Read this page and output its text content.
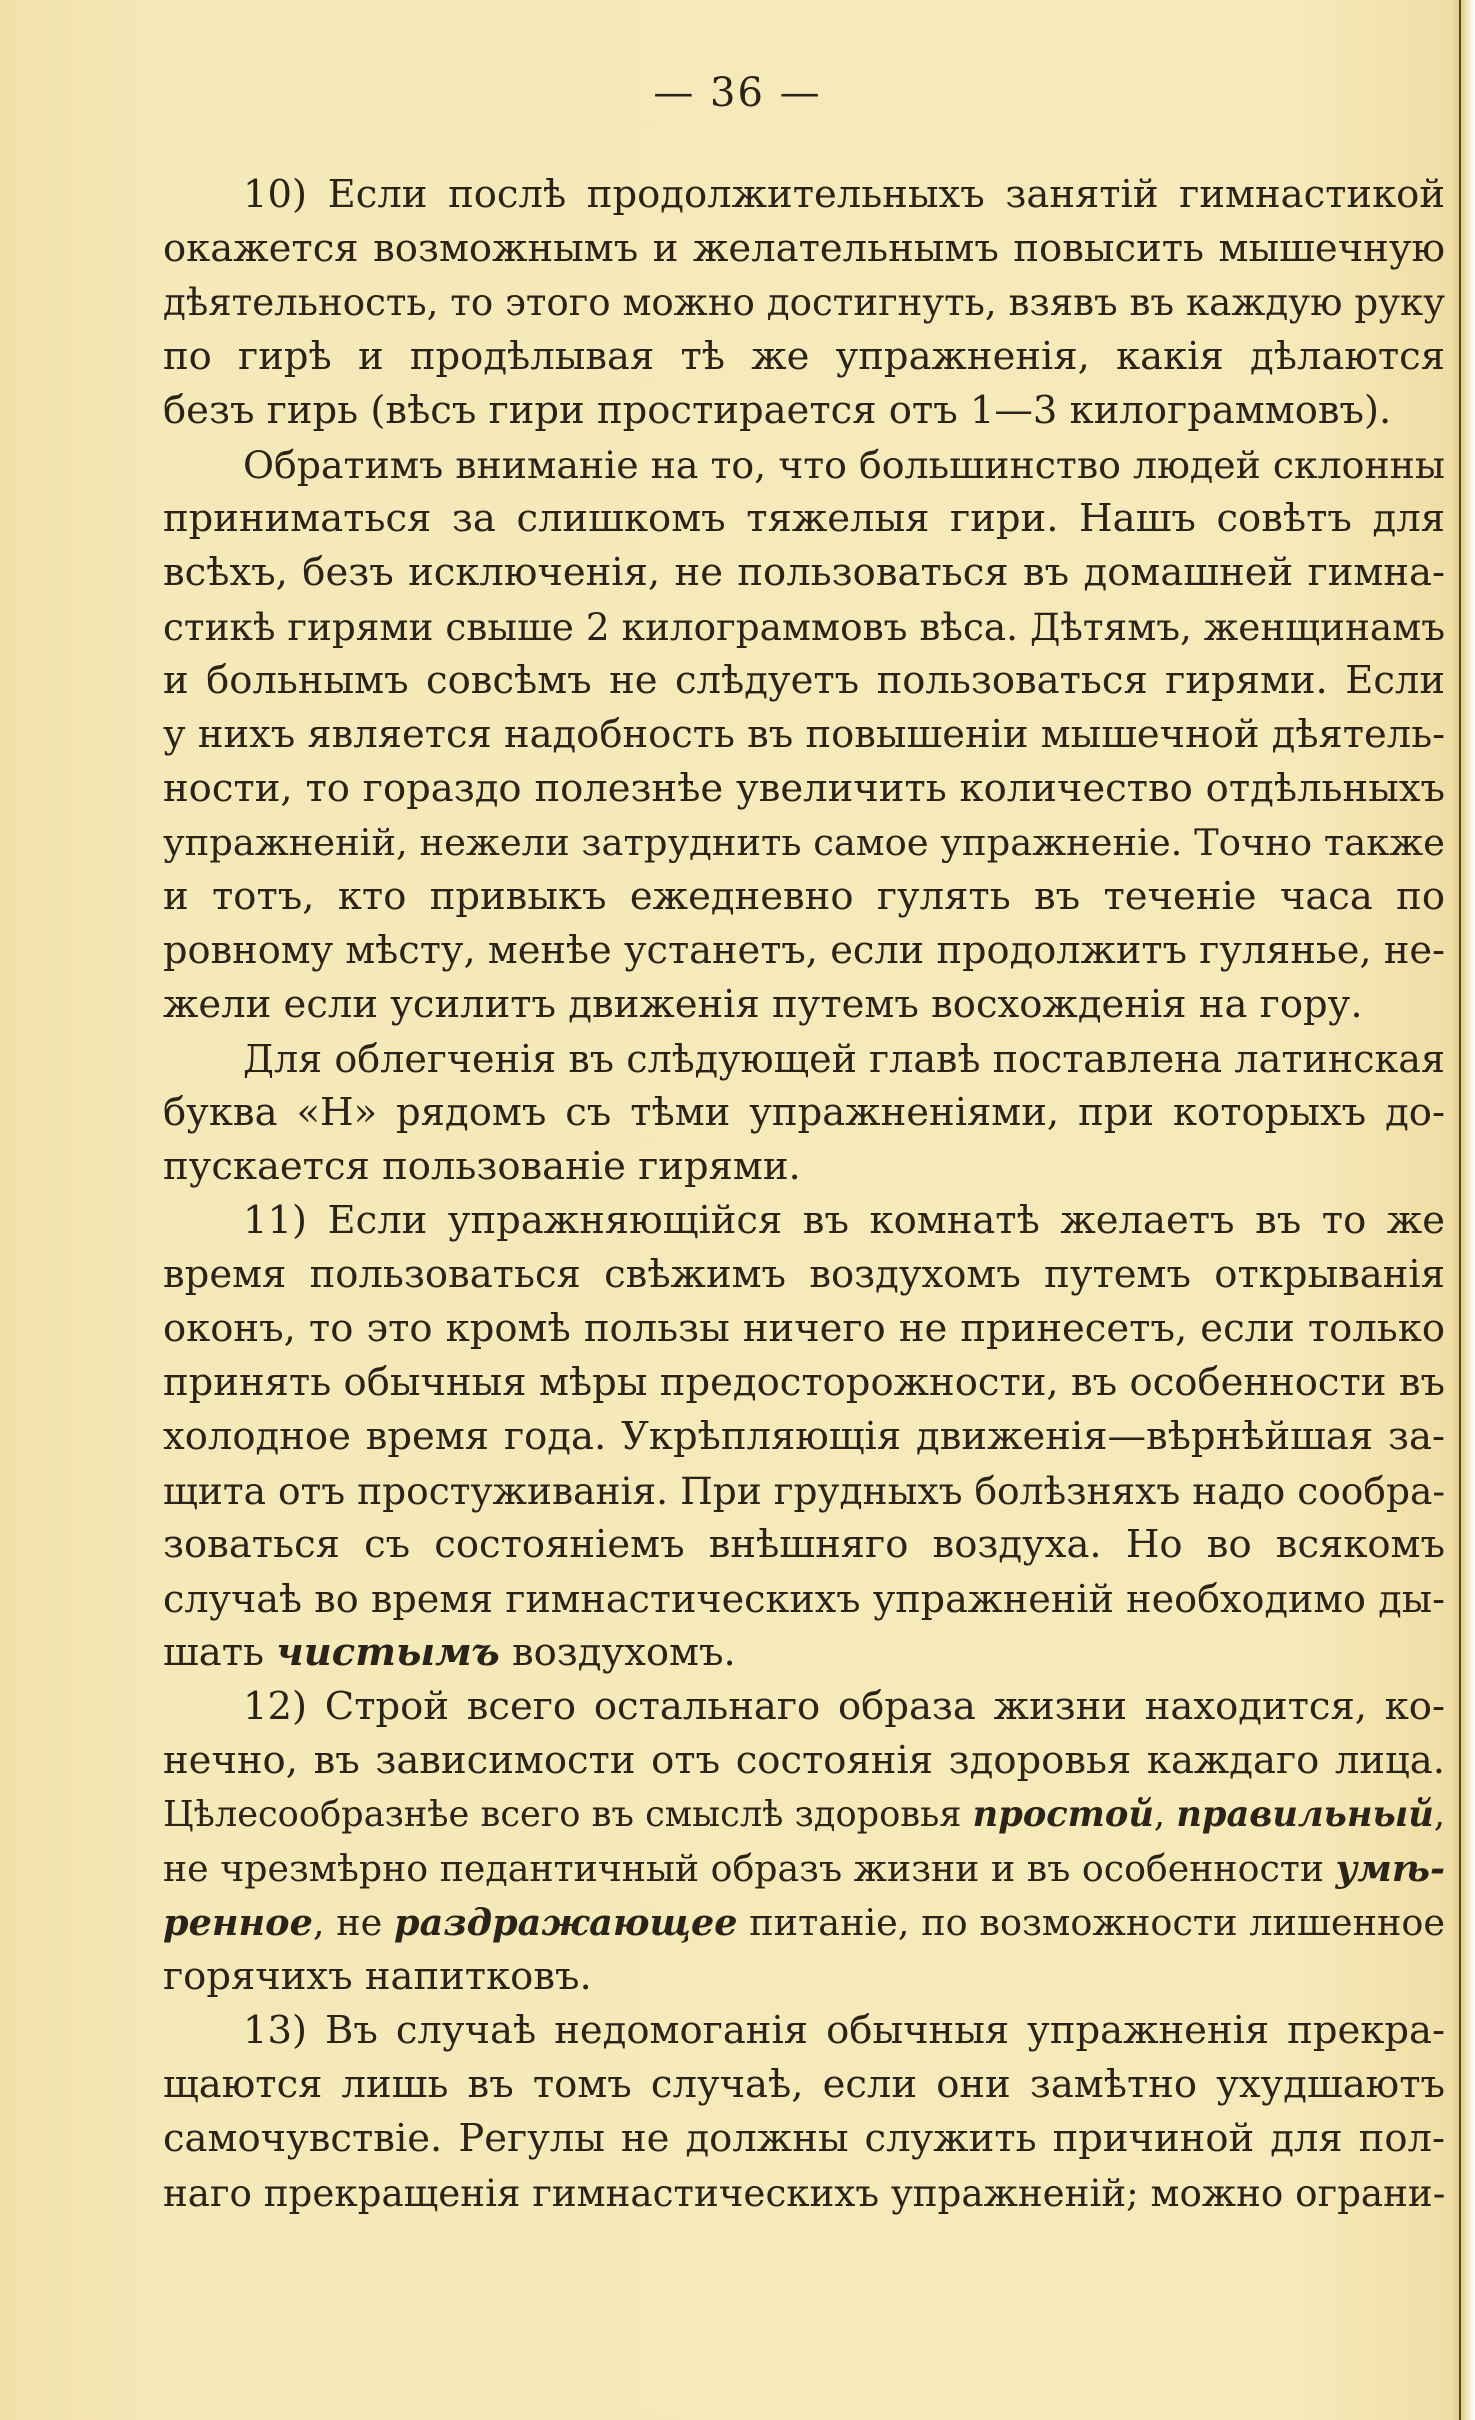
— 36 —
10) Если послѣ продолжительныхъ занятій гимнастикой
окажется возможнымъ и желательнымъ повысить мышечную
дѣятельность, то этого можно достигнуть, взявъ въ каждую руку
по гирѣ и продѣлывая тѣ же упражненія, какія дѣлаются
безъ гирь (вѣсъ гири простирается отъ 1—3 килограммовъ).
Обратимъ вниманіе на то, что большинство людей склонны
приниматься за слишкомъ тяжелыя гири. Нашъ совѣтъ для
всѣхъ, безъ исключенія, не пользоваться въ домашней гимна-
стикѣ гирями свыше 2 килограммовъ вѣса. Дѣтямъ, женщинамъ
и больнымъ совсѣмъ не слѣдуетъ пользоваться гирями. Если
у нихъ является надобность въ повышеніи мышечной дѣятель-
ности, то гораздо полезнѣе увеличить количество отдѣльныхъ
упражненій, нежели затруднить самое упражненіе. Точно также
и тотъ, кто привыкъ ежедневно гулять въ теченіе часа по
ровному мѣсту, менѣе устанетъ, если продолжитъ гулянье, не-
жели если усилитъ движенія путемъ восхожденія на гору.
Для облегченія въ слѣдующей главѣ поставлена латинская
буква «Н» рядомъ съ тѣми упражненіями, при которыхъ до-
пускается пользованіе гирями.
11) Если упражняющійся въ комнатѣ желаетъ въ то же
время пользоваться свѣжимъ воздухомъ путемъ открыванія
оконъ, то это кромѣ пользы ничего не принесетъ, если только
принять обычныя мѣры предосторожности, въ особенности въ
холодное время года. Укрѣпляющія движенія—вѣрнѣйшая за-
щита отъ простуживанія. При грудныхъ болѣзняхъ надо сообра-
зоваться съ состояніемъ внѣшняго воздуха. Но во всякомъ
случаѣ во время гимнастическихъ упражненій необходимо ды-
шать чистымъ воздухомъ.
12) Строй всего остальнаго образа жизни находится, ко-
нечно, въ зависимости отъ состоянія здоровья каждаго лица.
Цѣлесообразнѣе всего въ смыслѣ здоровья простой, правильный,
не чрезмѣрно педантичный образъ жизни и въ особенности умѣ-
ренное, не раздражающее питаніе, по возможности лишенное
горячихъ напитковъ.
13) Въ случаѣ недомоганія обычныя упражненія прекра-
щаются лишь въ томъ случаѣ, если они замѣтно ухудшаютъ
самочувствіе. Регулы не должны служить причиной для пол-
наго прекращенія гимнастическихъ упражненій; можно ограни-
